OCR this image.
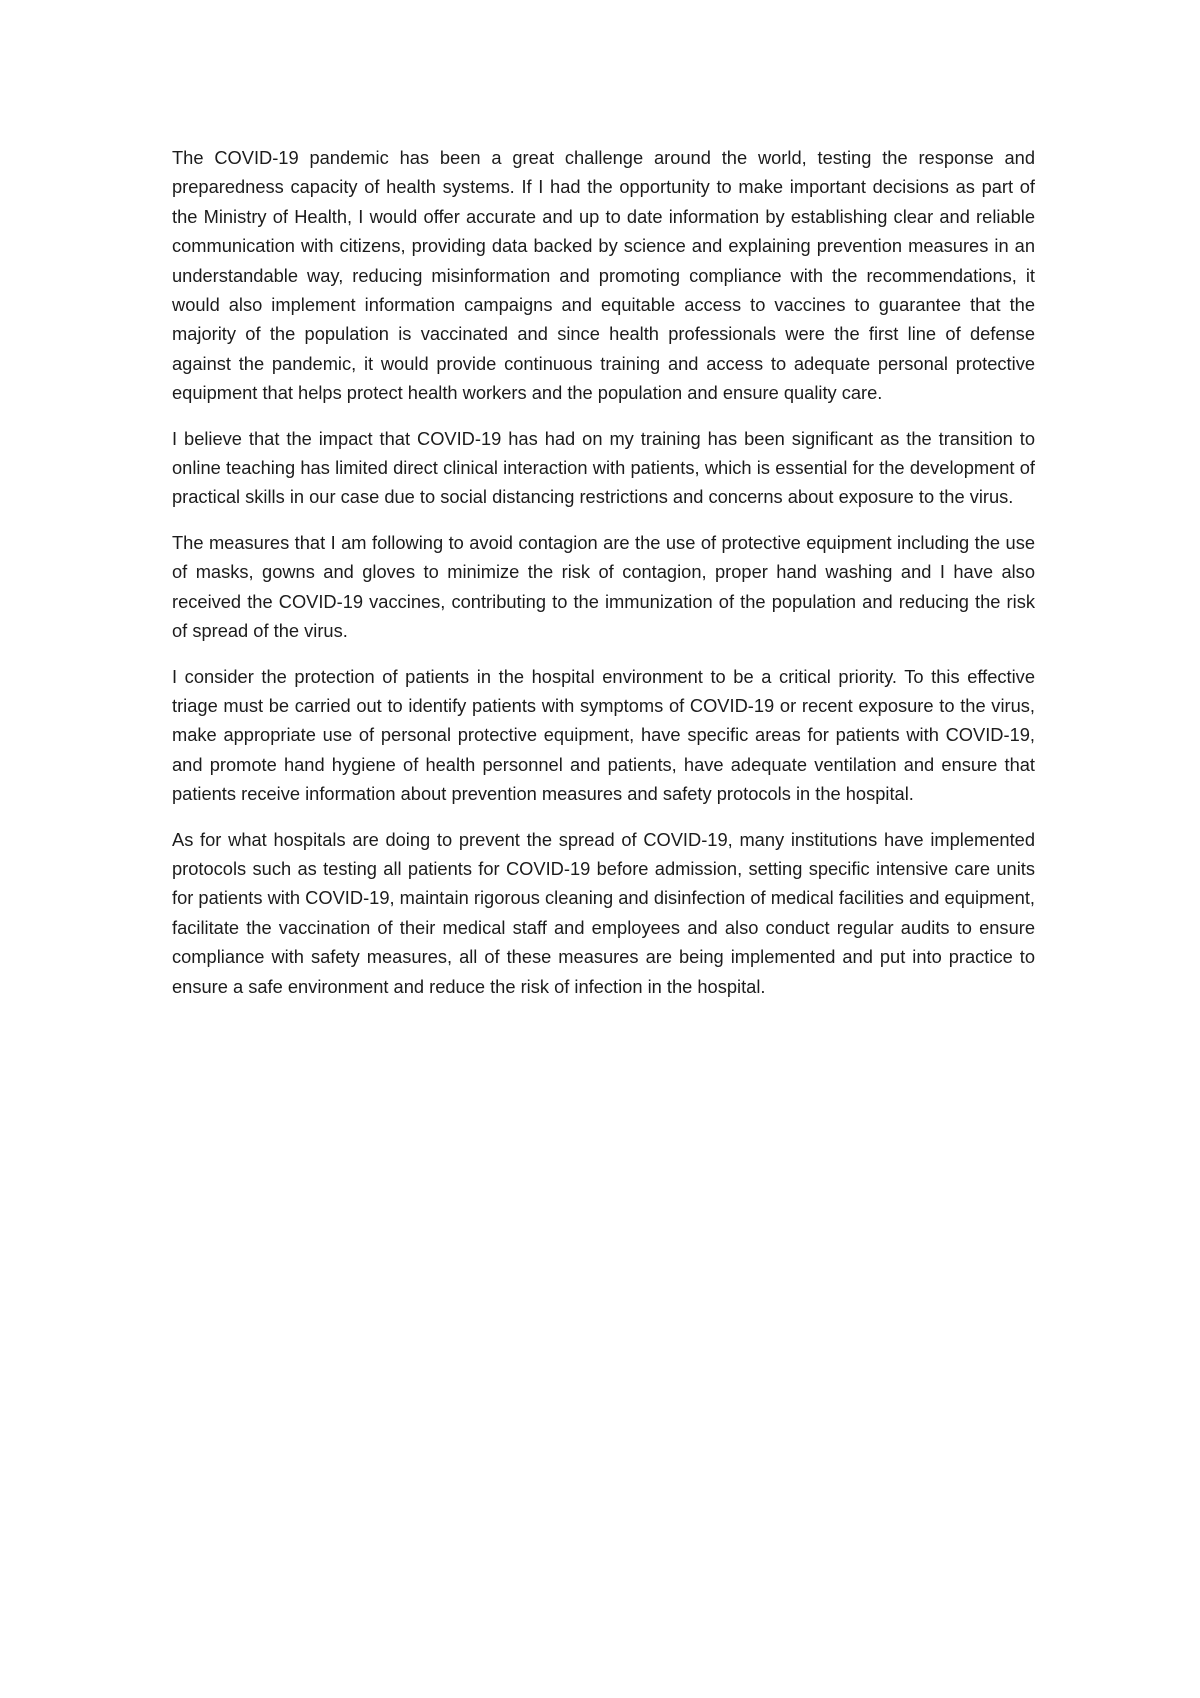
The COVID-19 pandemic has been a great challenge around the world, testing the response and preparedness capacity of health systems. If I had the opportunity to make important decisions as part of the Ministry of Health, I would offer accurate and up to date information by establishing clear and reliable communication with citizens, providing data backed by science and explaining prevention measures in an understandable way, reducing misinformation and promoting compliance with the recommendations, it would also implement information campaigns and equitable access to vaccines to guarantee that the majority of the population is vaccinated and since health professionals were the first line of defense against the pandemic, it would provide continuous training and access to adequate personal protective equipment that helps protect health workers and the population and ensure quality care.

I believe that the impact that COVID-19 has had on my training has been significant as the transition to online teaching has limited direct clinical interaction with patients, which is essential for the development of practical skills in our case due to social distancing restrictions and concerns about exposure to the virus.

The measures that I am following to avoid contagion are the use of protective equipment including the use of masks, gowns and gloves to minimize the risk of contagion, proper hand washing and I have also received the COVID-19 vaccines, contributing to the immunization of the population and reducing the risk of spread of the virus.

I consider the protection of patients in the hospital environment to be a critical priority. To this effective triage must be carried out to identify patients with symptoms of COVID-19 or recent exposure to the virus, make appropriate use of personal protective equipment, have specific areas for patients with COVID-19, and promote hand hygiene of health personnel and patients, have adequate ventilation and ensure that patients receive information about prevention measures and safety protocols in the hospital.

As for what hospitals are doing to prevent the spread of COVID-19, many institutions have implemented protocols such as testing all patients for COVID-19 before admission, setting specific intensive care units for patients with COVID-19, maintain rigorous cleaning and disinfection of medical facilities and equipment, facilitate the vaccination of their medical staff and employees and also conduct regular audits to ensure compliance with safety measures, all of these measures are being implemented and put into practice to ensure a safe environment and reduce the risk of infection in the hospital.
